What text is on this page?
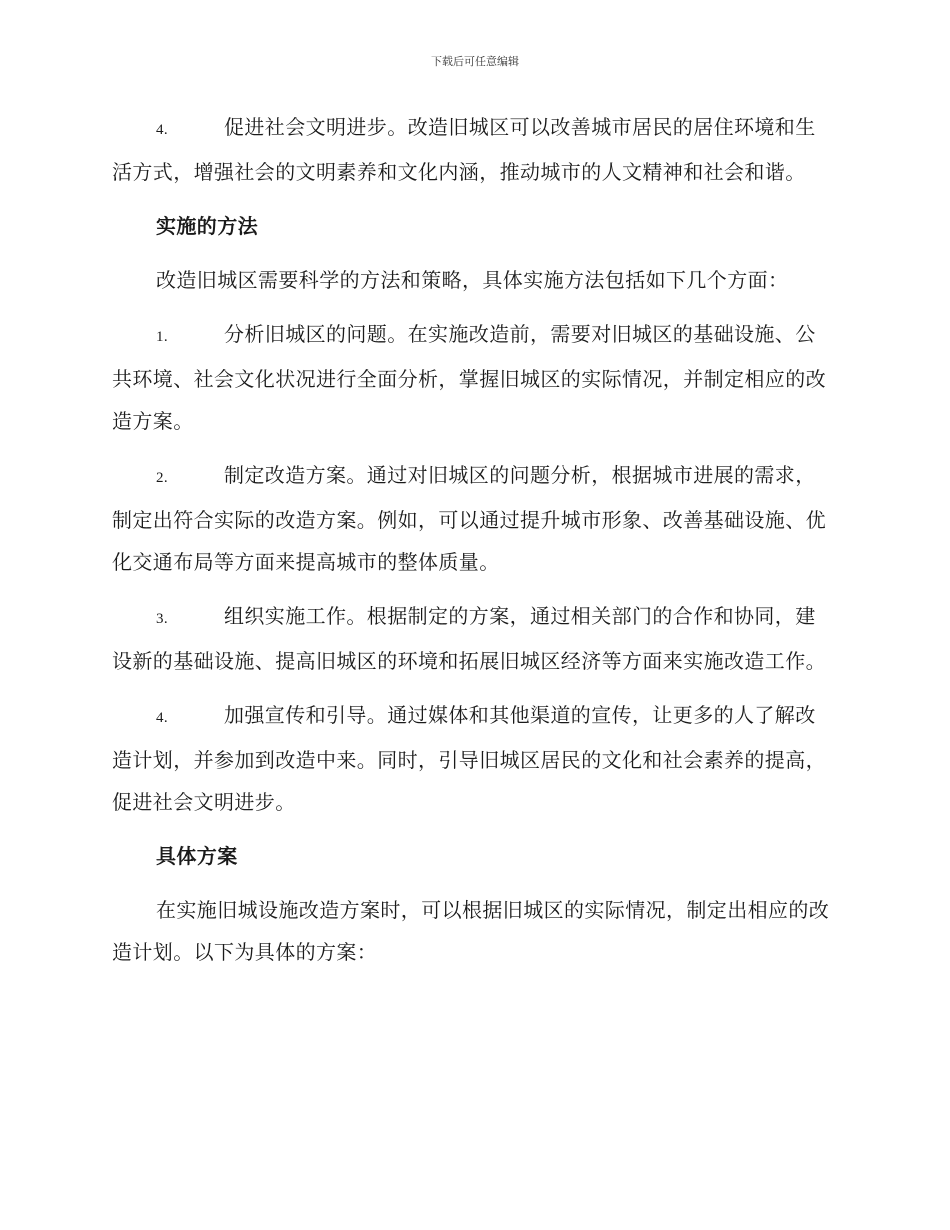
下载后可任意编辑

4.	促进社会文明进步。改造旧城区可以改善城市居民的居住环境和生活方式，增强社会的文明素养和文化内涵，推动城市的人文精神和社会和谐。

实施的方法

改造旧城区需要科学的方法和策略，具体实施方法包括如下几个方面：

1.	分析旧城区的问题。在实施改造前，需要对旧城区的基础设施、公共环境、社会文化状况进行全面分析，掌握旧城区的实际情况，并制定相应的改造方案。

2.	制定改造方案。通过对旧城区的问题分析，根据城市进展的需求，制定出符合实际的改造方案。例如，可以通过提升城市形象、改善基础设施、优化交通布局等方面来提高城市的整体质量。

3.	组织实施工作。根据制定的方案，通过相关部门的合作和协同，建设新的基础设施、提高旧城区的环境和拓展旧城区经济等方面来实施改造工作。

4.	加强宣传和引导。通过媒体和其他渠道的宣传，让更多的人了解改造计划，并参加到改造中来。同时，引导旧城区居民的文化和社会素养的提高，促进社会文明进步。

具体方案

在实施旧城设施改造方案时，可以根据旧城区的实际情况，制定出相应的改造计划。以下为具体的方案：
